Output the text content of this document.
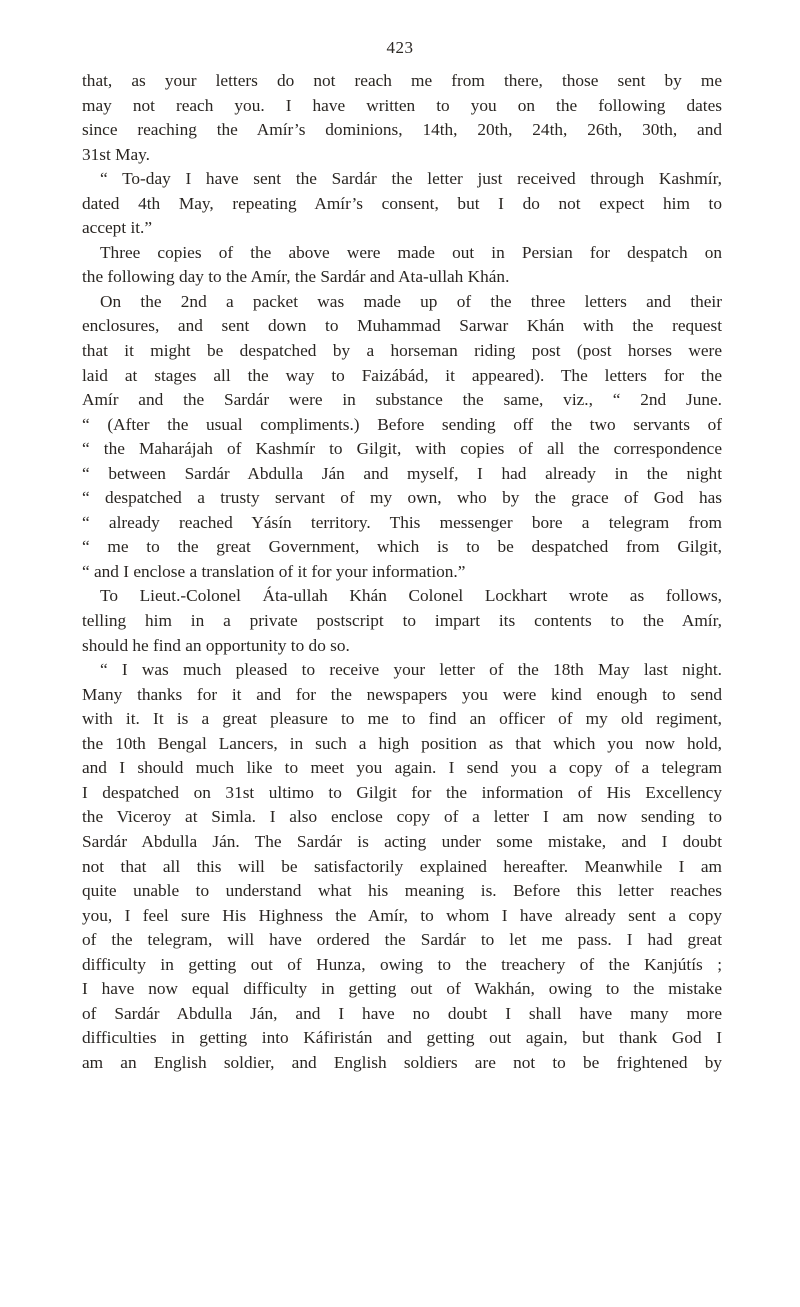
423
that, as your letters do not reach me from there, those sent by me
may not reach you. I have written to you on the following dates
since reaching the Amír’s dominions, 14th, 20th, 24th, 26th, 30th, and
31st May.
“ To-day I have sent the Sardár the letter just received through Kashmír,
dated 4th May, repeating Amír’s consent, but I do not expect him to
accept it.”
Three copies of the above were made out in Persian for despatch on
the following day to the Amír, the Sardár and Ata-ullah Khán.
On the 2nd a packet was made up of the three letters and their
enclosures, and sent down to Muhammad Sarwar Khán with the request
that it might be despatched by a horseman riding post (post horses were
laid at stages all the way to Faizábád, it appeared). The letters for the
Amír and the Sardár were in substance the same, viz., “ 2nd June.
“ (After the usual compliments.) Before sending off the two servants of
“ the Maharájah of Kashmír to Gilgit, with copies of all the correspondence
“ between Sardár Abdulla Ján and myself, I had already in the night
“ despatched a trusty servant of my own, who by the grace of God has
“ already reached Yásín territory. This messenger bore a telegram from
“ me to the great Government, which is to be despatched from Gilgit,
“ and I enclose a translation of it for your information.”
To Lieut.-Colonel Áta-ullah Khán Colonel Lockhart wrote as follows,
telling him in a private postscript to impart its contents to the Amír,
should he find an opportunity to do so.
“ I was much pleased to receive your letter of the 18th May last night.
Many thanks for it and for the newspapers you were kind enough to send
with it. It is a great pleasure to me to find an officer of my old regiment,
the 10th Bengal Lancers, in such a high position as that which you now hold,
and I should much like to meet you again. I send you a copy of a telegram
I despatched on 31st ultimo to Gilgit for the information of His Excellency
the Viceroy at Simla. I also enclose copy of a letter I am now sending to
Sardár Abdulla Ján. The Sardár is acting under some mistake, and I doubt
not that all this will be satisfactorily explained hereafter. Meanwhile I am
quite unable to understand what his meaning is. Before this letter reaches
you, I feel sure His Highness the Amír, to whom I have already sent a copy
of the telegram, will have ordered the Sardár to let me pass. I had great
difficulty in getting out of Hunza, owing to the treachery of the Kanjútís ;
I have now equal difficulty in getting out of Wakhán, owing to the mistake
of Sardár Abdulla Ján, and I have no doubt I shall have many more
difficulties in getting into Káfiristán and getting out again, but thank God I
am an English soldier, and English soldiers are not to be frightened by
